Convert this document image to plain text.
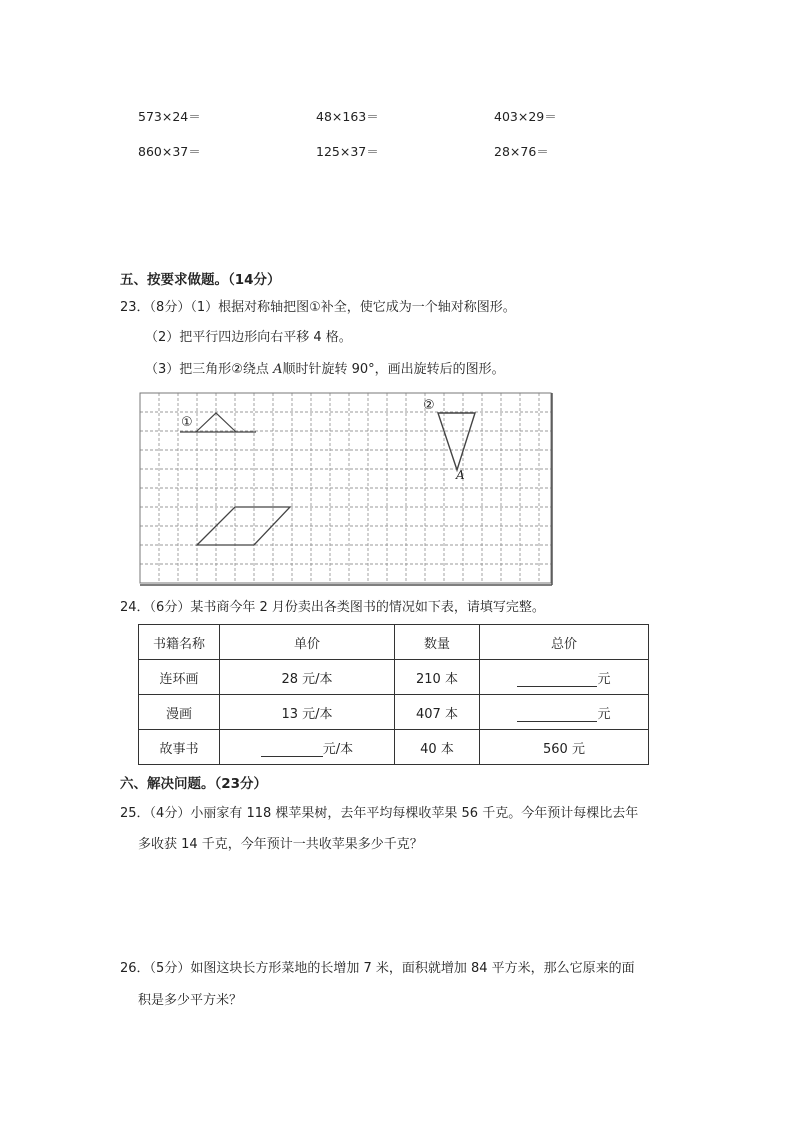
573×24＝	48×163＝	403×29＝
860×37＝	125×37＝	28×76＝
五、按要求做题。（14分）
23．（8分）（1）根据对称轴把图①补全，使它成为一个轴对称图形。
（2）把平行四边形向右平移 4 格。
（3）把三角形②绕点 A顺时针旋转 90°，画出旋转后的图形。
①
②
A
24．（6分）某书商今年 2 月份卖出各类图书的情况如下表，请填写完整。
书籍名称	单价	数量	总价
连环画	28 元/本	210 本	元
漫画	13 元/本	407 本	元
故事书	元/本	40 本	560 元
六、解决问题。（23分）
25．（4分）小丽家有 118 棵苹果树，去年平均每棵收苹果 56 千克。今年预计每棵比去年
多收获 14 千克，今年预计一共收苹果多少千克？
26．（5分）如图这块长方形菜地的长增加 7 米，面积就增加 84 平方米，那么它原来的面
积是多少平方米？
